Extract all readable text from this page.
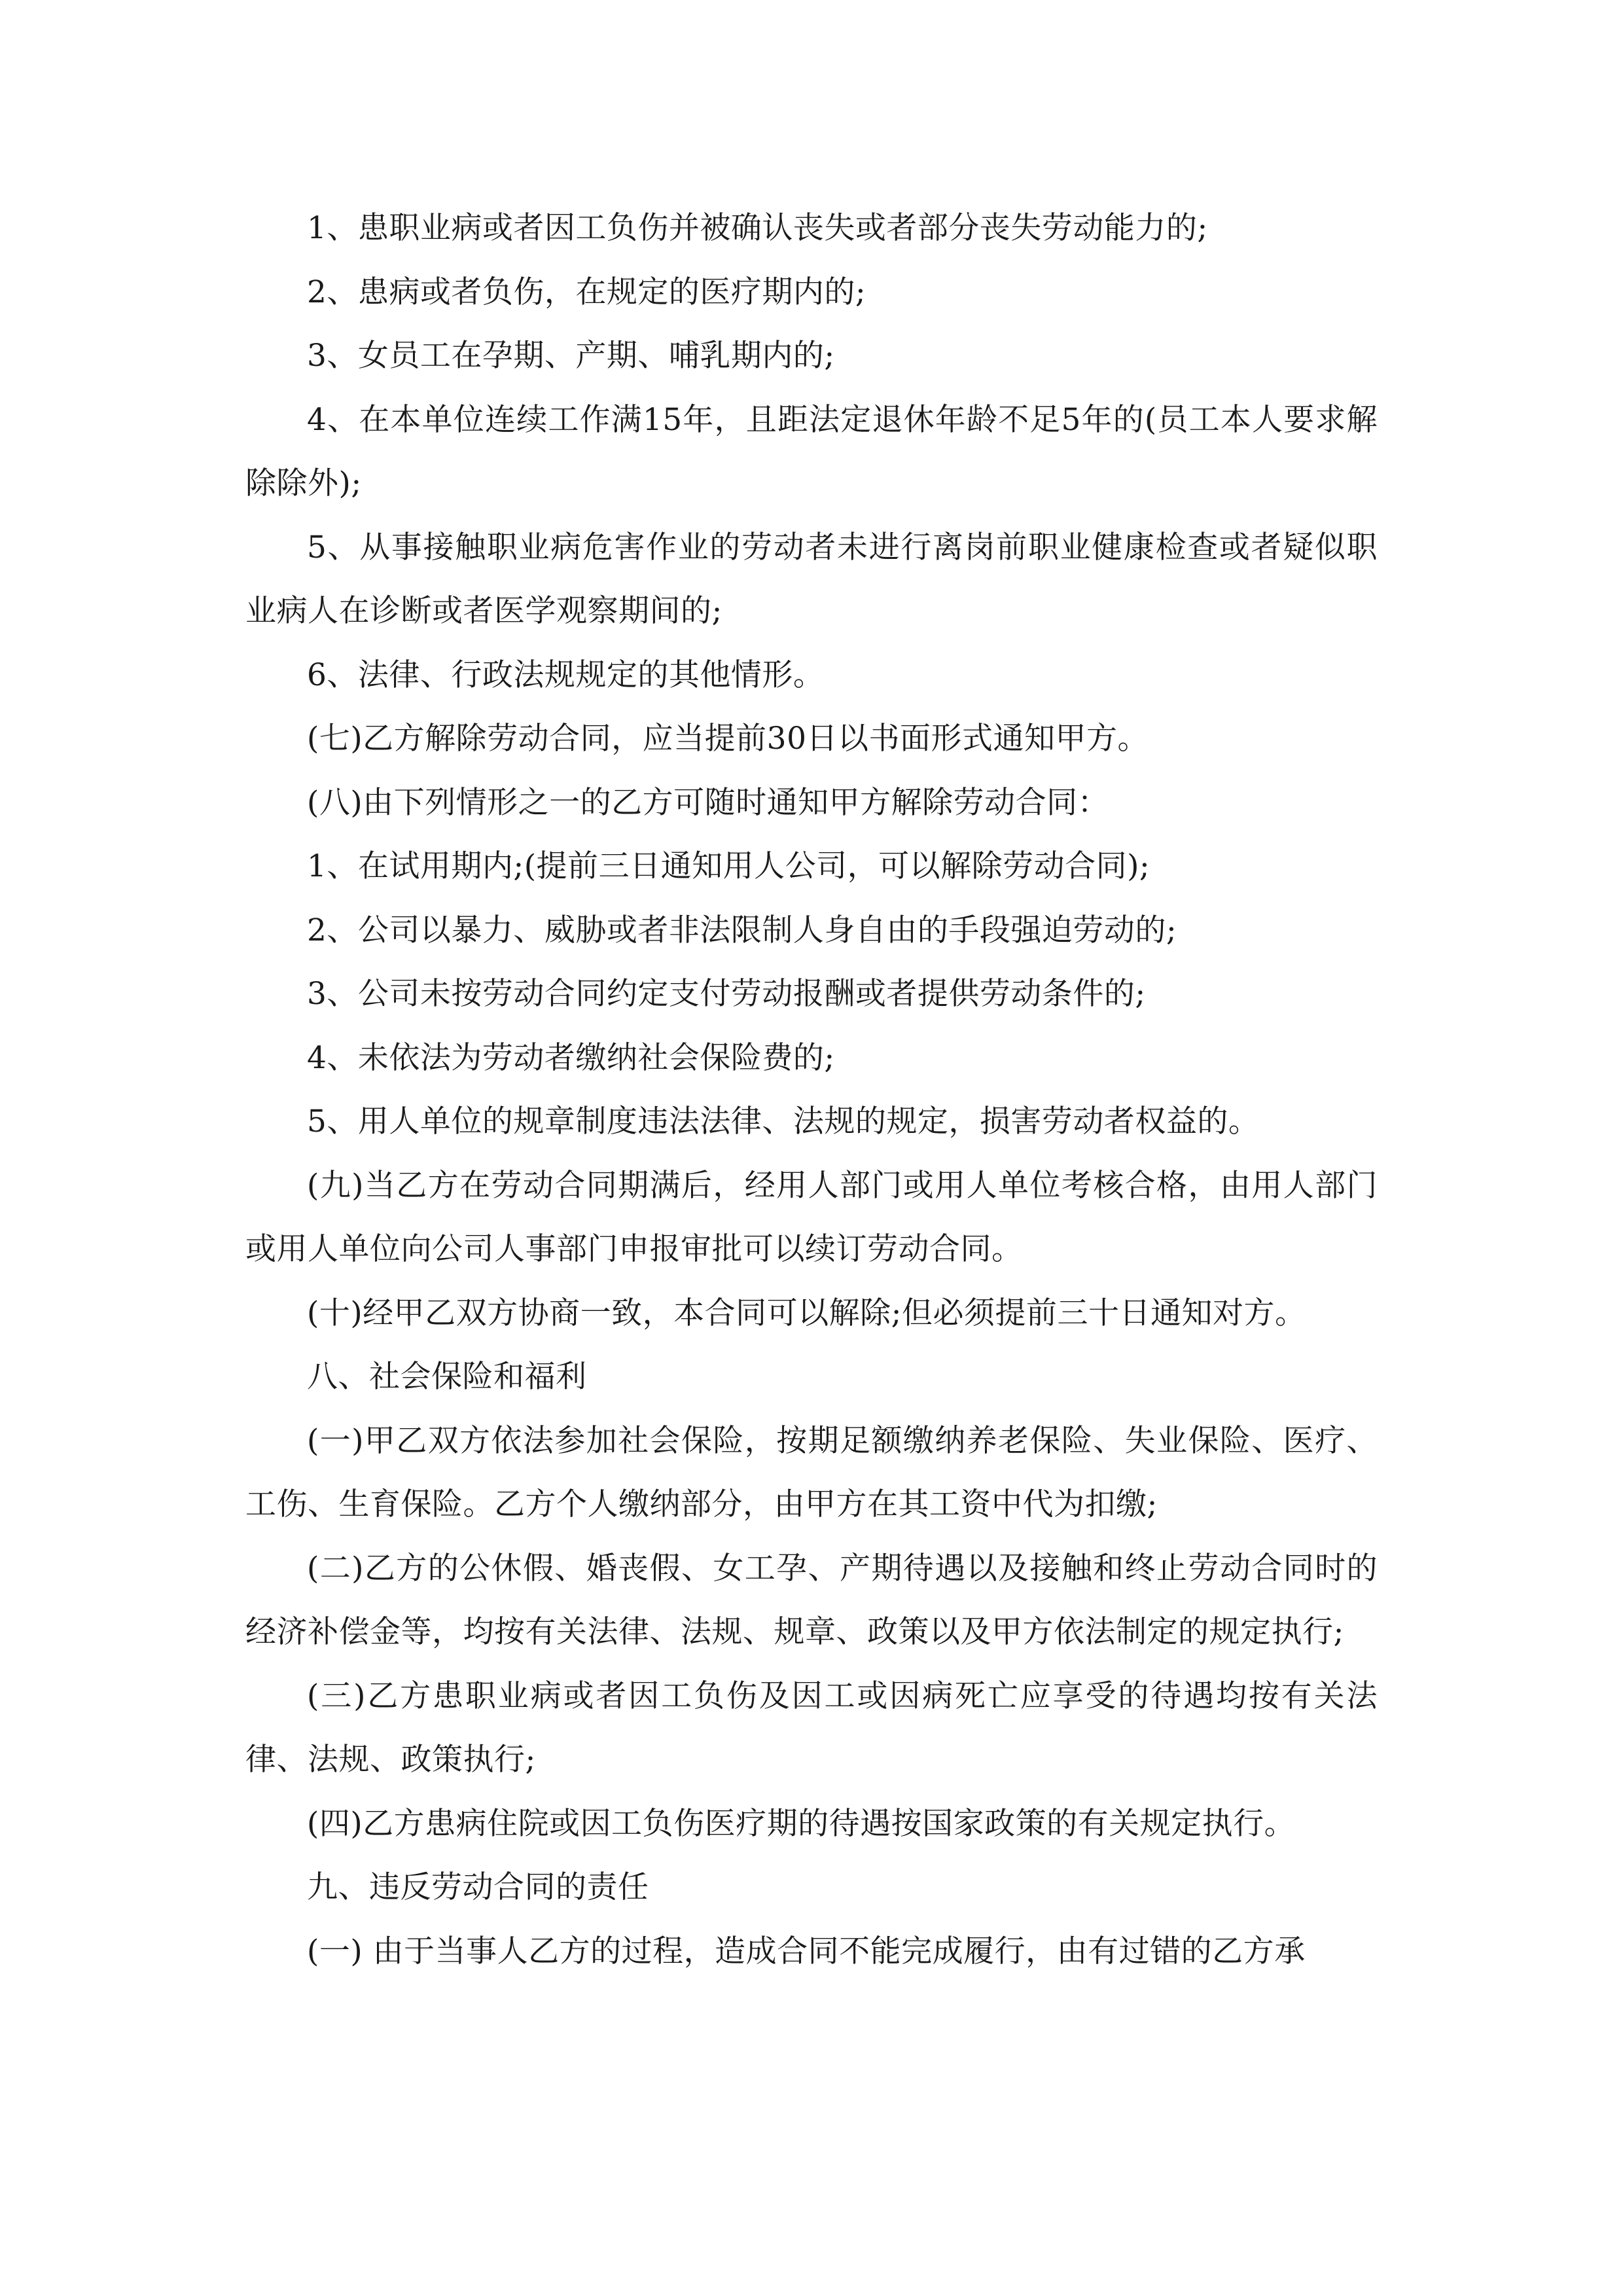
1、患职业病或者因工负伤并被确认丧失或者部分丧失劳动能力的;

2、患病或者负伤，在规定的医疗期内的;

3、女员工在孕期、产期、哺乳期内的;

4、在本单位连续工作满15年，且距法定退休年龄不足5年的(员工本人要求解除除外);

5、从事接触职业病危害作业的劳动者未进行离岗前职业健康检查或者疑似职业病人在诊断或者医学观察期间的;

6、法律、行政法规规定的其他情形。

(七)乙方解除劳动合同，应当提前30日以书面形式通知甲方。

(八)由下列情形之一的乙方可随时通知甲方解除劳动合同：

1、在试用期内;(提前三日通知用人公司，可以解除劳动合同);

2、公司以暴力、威胁或者非法限制人身自由的手段强迫劳动的;

3、公司未按劳动合同约定支付劳动报酬或者提供劳动条件的;

4、未依法为劳动者缴纳社会保险费的;

5、用人单位的规章制度违法法律、法规的规定，损害劳动者权益的。

(九)当乙方在劳动合同期满后，经用人部门或用人单位考核合格，由用人部门或用人单位向公司人事部门申报审批可以续订劳动合同。

(十)经甲乙双方协商一致，本合同可以解除;但必须提前三十日通知对方。

八、社会保险和福利

(一)甲乙双方依法参加社会保险，按期足额缴纳养老保险、失业保险、医疗、工伤、生育保险。乙方个人缴纳部分，由甲方在其工资中代为扣缴;

(二)乙方的公休假、婚丧假、女工孕、产期待遇以及接触和终止劳动合同时的经济补偿金等，均按有关法律、法规、规章、政策以及甲方依法制定的规定执行;

(三)乙方患职业病或者因工负伤及因工或因病死亡应享受的待遇均按有关法律、法规、政策执行;

(四)乙方患病住院或因工负伤医疗期的待遇按国家政策的有关规定执行。

九、违反劳动合同的责任

(一) 由于当事人乙方的过程，造成合同不能完成履行，由有过错的乙方承
